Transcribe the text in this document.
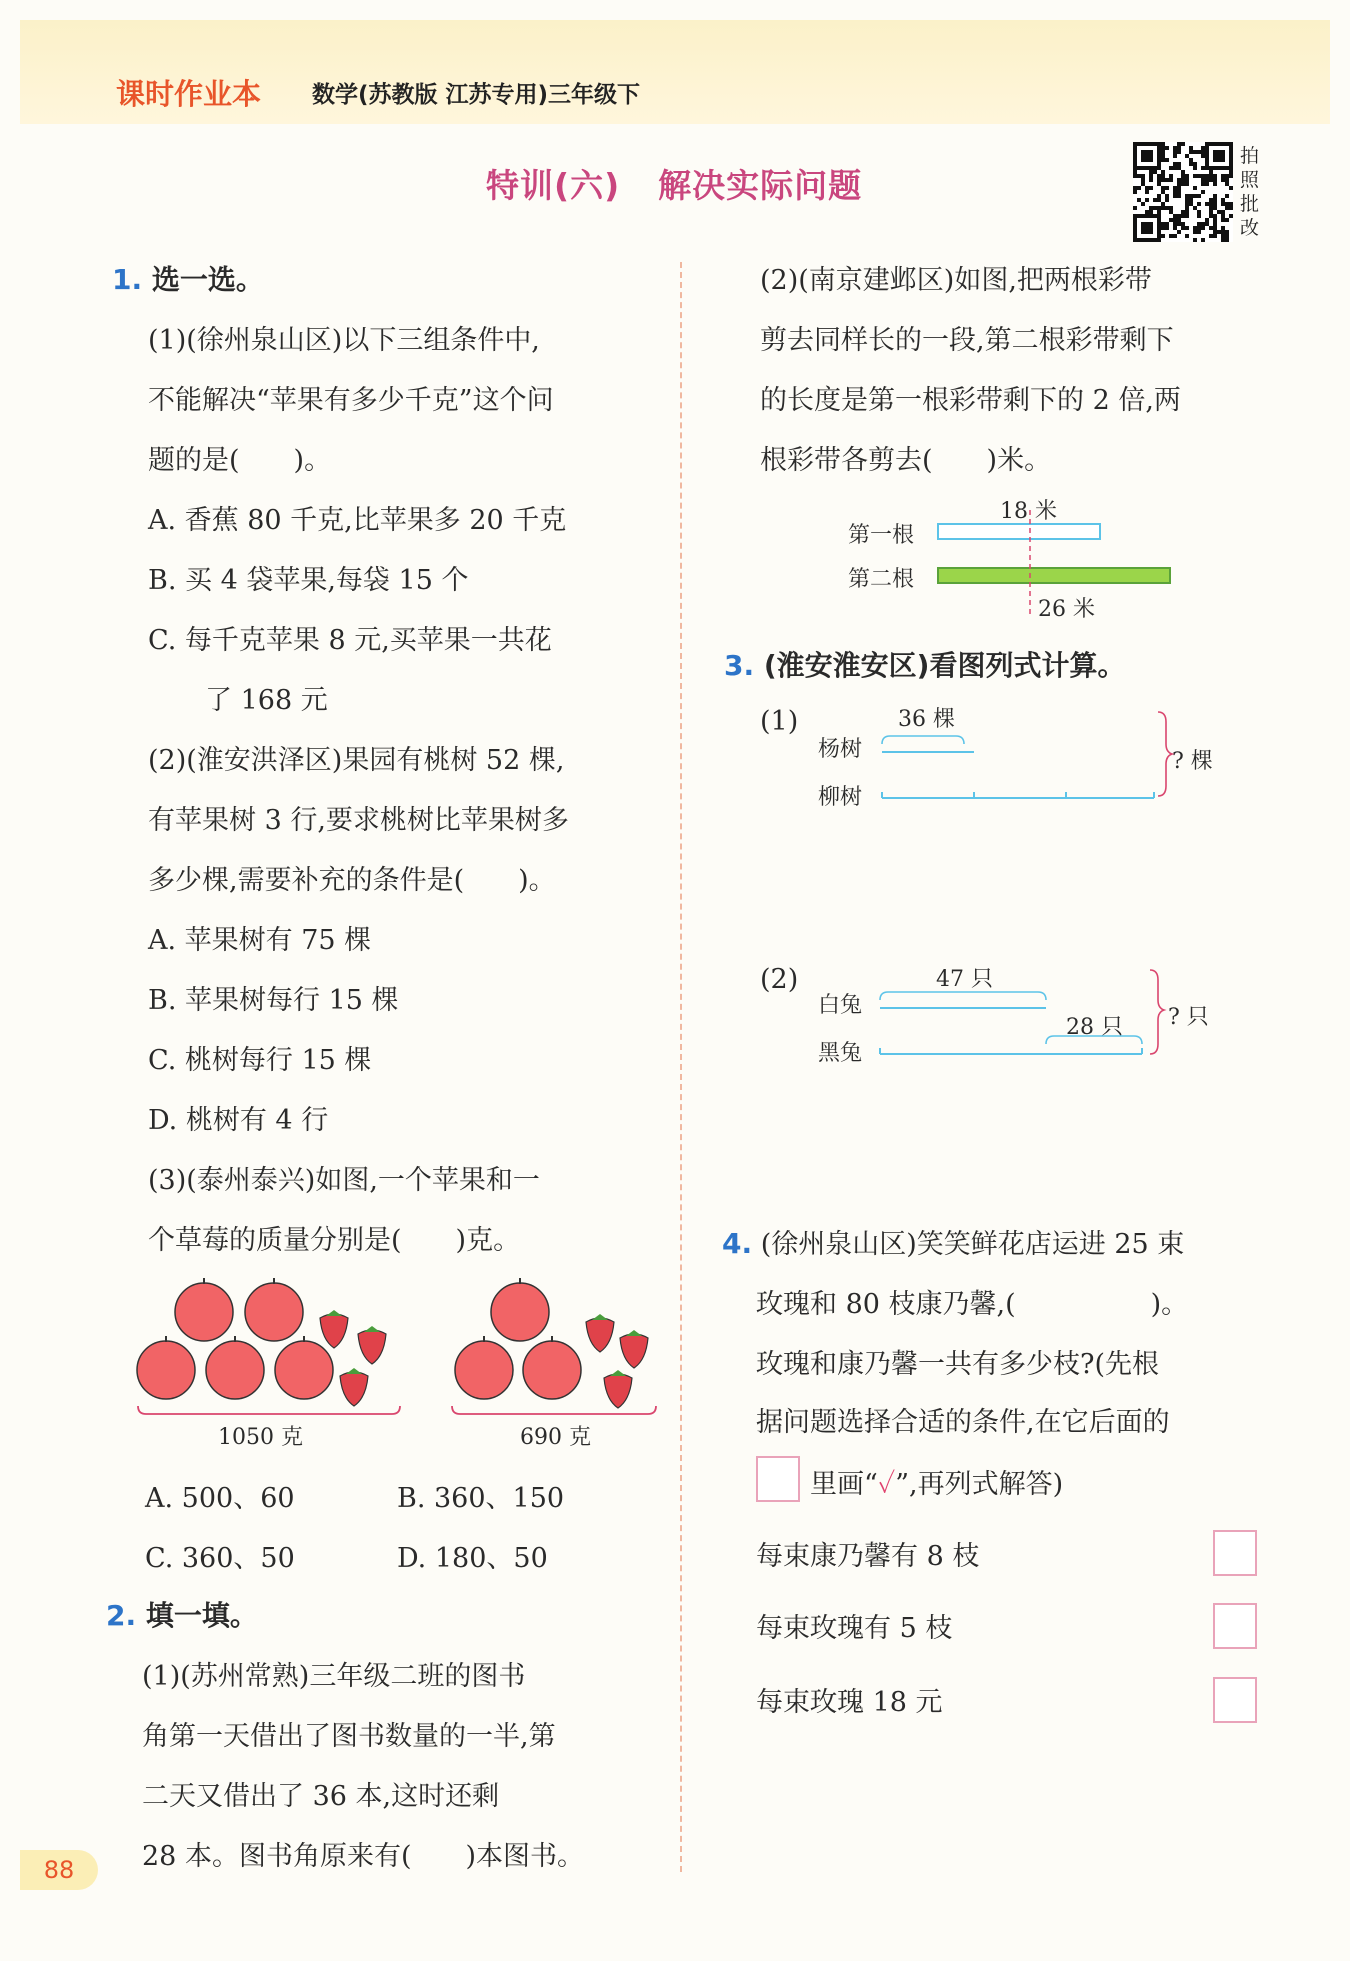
课时作业本 数学(苏教版 江苏专用)三年级下
特训(六) 解决实际问题
拍照批改
1. 选一选。
(1)(徐州泉山区)以下三组条件中,
不能解决“苹果有多少千克”这个问
题的是(　　)。
A. 香蕉 80 千克,比苹果多 20 千克
B. 买 4 袋苹果,每袋 15 个
C. 每千克苹果 8 元,买苹果一共花
了 168 元
(2)(淮安洪泽区)果园有桃树 52 棵,
有苹果树 3 行,要求桃树比苹果树多
多少棵,需要补充的条件是(　　)。
A. 苹果树有 75 棵
B. 苹果树每行 15 棵
C. 桃树每行 15 棵
D. 桃树有 4 行
(3)(泰州泰兴)如图,一个苹果和一
个草莓的质量分别是(　　)克。
1050 克	690 克
A. 500、60	B. 360、150
C. 360、50	D. 180、50
2. 填一填。
(1)(苏州常熟)三年级二班的图书
角第一天借出了图书数量的一半,第
二天又借出了 36 本,这时还剩
28 本。图书角原来有(　　)本图书。
(2)(南京建邺区)如图,把两根彩带
剪去同样长的一段,第二根彩带剩下
的长度是第一根彩带剩下的 2 倍,两
根彩带各剪去(　　)米。
第一根
第二根
18 米
26 米
3. (淮安淮安区)看图列式计算。
(1)
杨树
柳树
36 棵
? 棵
(2)
白兔
黑兔
47 只
28 只 ? 只
4. (徐州泉山区)笑笑鲜花店运进 25 束
玫瑰和 80 枝康乃馨,(　　　　　)。
玫瑰和康乃馨一共有多少枝?(先根
据问题选择合适的条件,在它后面的
里画“✓”,再列式解答)
每束康乃馨有 8 枝
每束玫瑰有 5 枝
每束玫瑰 18 元
88
